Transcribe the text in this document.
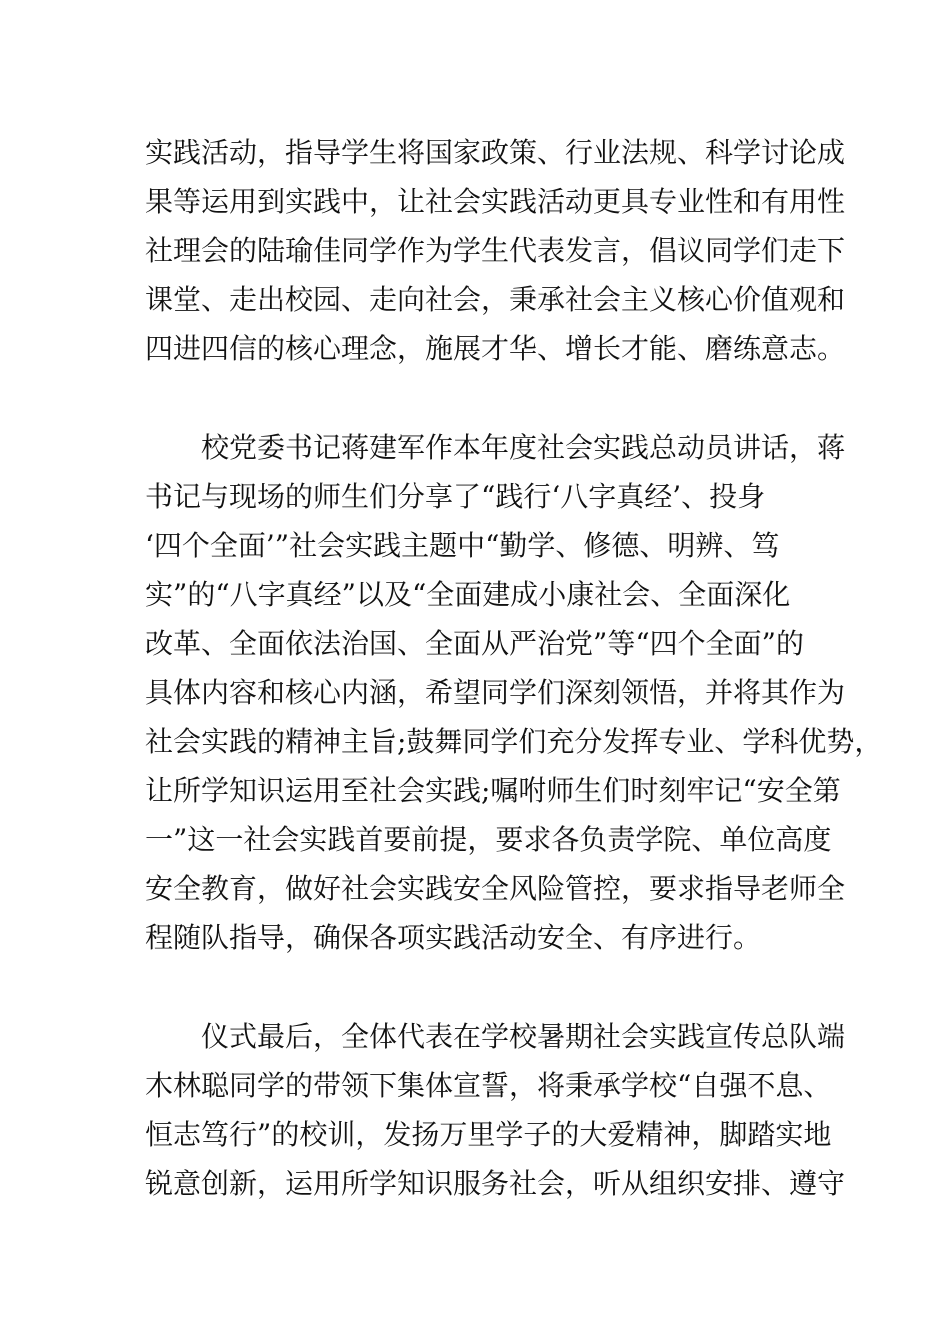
实践活动，指导学生将国家政策、行业法规、科学讨论成
果等运用到实践中，让社会实践活动更具专业性和有用性
社理会的陆瑜佳同学作为学生代表发言，倡议同学们走下
课堂、走出校园、走向社会，秉承社会主义核心价值观和
四进四信的核心理念，施展才华、增长才能、磨练意志。
校党委书记蒋建军作本年度社会实践总动员讲话，蒋
书记与现场的师生们分享了“践行‘八字真经’、投身
‘四个全面’”社会实践主题中“勤学、修德、明辨、笃
实”的“八字真经”以及“全面建成小康社会、全面深化
改革、全面依法治国、全面从严治党”等“四个全面”的
具体内容和核心内涵，希望同学们深刻领悟，并将其作为
社会实践的精神主旨;鼓舞同学们充分发挥专业、学科优势，
让所学知识运用至社会实践;嘱咐师生们时刻牢记“安全第
一”这一社会实践首要前提，要求各负责学院、单位高度
安全教育，做好社会实践安全风险管控，要求指导老师全
程随队指导，确保各项实践活动安全、有序进行。
仪式最后，全体代表在学校暑期社会实践宣传总队端
木林聪同学的带领下集体宣誓，将秉承学校“自强不息、
恒志笃行”的校训，发扬万里学子的大爱精神，脚踏实地
锐意创新，运用所学知识服务社会，听从组织安排、遵守
